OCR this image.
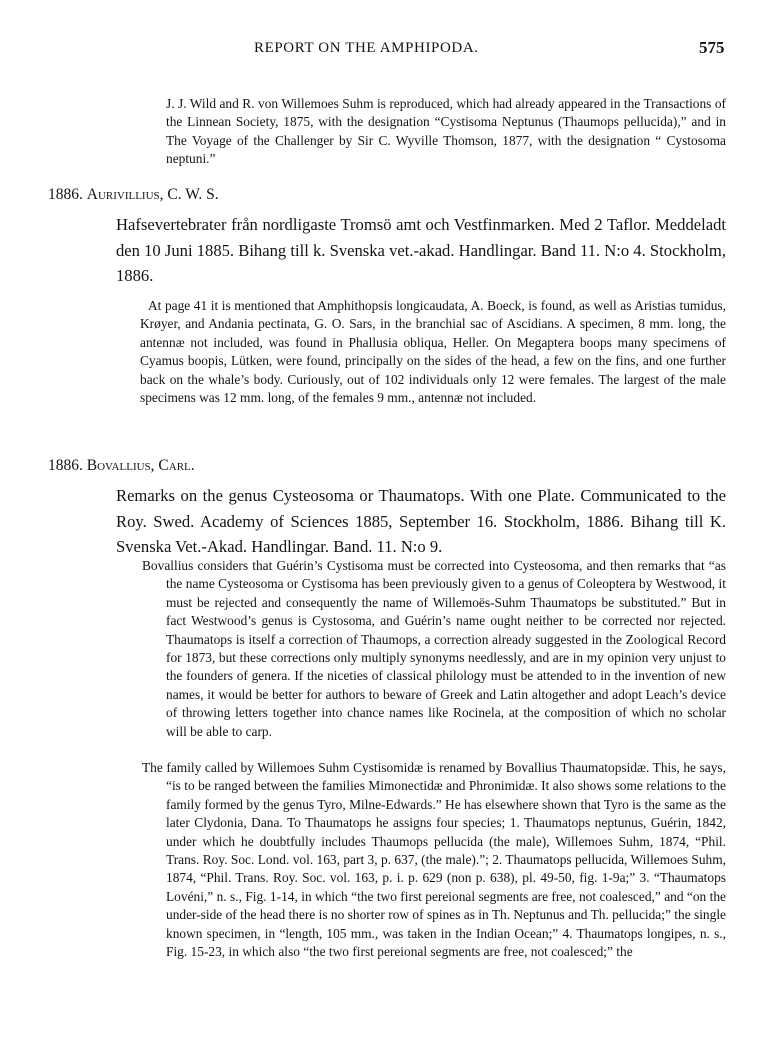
REPORT ON THE AMPHIPODA.	575

J. J. Wild and R. von Willemoes Suhm is reproduced, which had already appeared in the Transactions of the Linnean Society, 1875, with the designation “Cystisoma Neptunus (Thaumops pellucida),” and in The Voyage of the Challenger by Sir C. Wyville Thomson, 1877, with the designation “ Cystosoma neptuni.”

1886. Aurivillius, C. W. S.

Hafsevertebrater från nordligaste Tromsö amt och Vestfinmarken. Med 2 Taflor. Meddeladt den 10 Juni 1885. Bihang till k. Svenska vet.-akad. Handlingar. Band 11. N:o 4. Stockholm, 1886.

At page 41 it is mentioned that Amphithopsis longicaudata, A. Boeck, is found, as well as Aristias tumidus, Krøyer, and Andania pectinata, G. O. Sars, in the branchial sac of Ascidians. A specimen, 8 mm. long, the antennæ not included, was found in Phallusia obliqua, Heller. On Megaptera boops many specimens of Cyamus boopis, Lütken, were found, principally on the sides of the head, a few on the fins, and one further back on the whale’s body. Curiously, out of 102 individuals only 12 were females. The largest of the male specimens was 12 mm. long, of the females 9 mm., antennæ not included.

1886. Bovallius, Carl.

Remarks on the genus Cysteosoma or Thaumatops. With one Plate. Communicated to the Roy. Swed. Academy of Sciences 1885, September 16. Stockholm, 1886. Bihang till K. Svenska Vet.-Akad. Handlingar. Band. 11. N:o 9.

Bovallius considers that Guérin’s Cystisoma must be corrected into Cysteosoma, and then remarks that “as the name Cysteosoma or Cystisoma has been previously given to a genus of Coleoptera by Westwood, it must be rejected and consequently the name of Willemoës-Suhm Thaumatops be substituted.” But in fact Westwood’s genus is Cystosoma, and Guérin’s name ought neither to be corrected nor rejected. Thaumatops is itself a correction of Thaumops, a correction already suggested in the Zoological Record for 1873, but these corrections only multiply synonyms needlessly, and are in my opinion very unjust to the founders of genera. If the niceties of classical philology must be attended to in the invention of new names, it would be better for authors to beware of Greek and Latin altogether and adopt Leach’s device of throwing letters together into chance names like Rocinela, at the composition of which no scholar will be able to carp.

The family called by Willemoes Suhm Cystisomidæ is renamed by Bovallius Thaumatopsidæ. This, he says, “is to be ranged between the families Mimonectidæ and Phronimidæ. It also shows some relations to the family formed by the genus Tyro, Milne-Edwards.” He has elsewhere shown that Tyro is the same as the later Clydonia, Dana. To Thaumatops he assigns four species; 1. Thaumatops neptunus, Guérin, 1842, under which he doubtfully includes Thaumops pellucida (the male), Willemoes Suhm, 1874, “Phil. Trans. Roy. Soc. Lond. vol. 163, part 3, p. 637, (the male).”; 2. Thaumatops pellucida, Willemoes Suhm, 1874, “Phil. Trans. Roy. Soc. vol. 163, p. i. p. 629 (non p. 638), pl. 49-50, fig. 1-9a;” 3. “Thaumatops Lovéni,” n. s., Fig. 1-14, in which “the two first pereional segments are free, not coalesced,” and “on the under-side of the head there is no shorter row of spines as in Th. Neptunus and Th. pellucida;” the single known specimen, in “length, 105 mm., was taken in the Indian Ocean;” 4. Thaumatops longipes, n. s., Fig. 15-23, in which also “the two first pereional segments are free, not coalesced;” the
